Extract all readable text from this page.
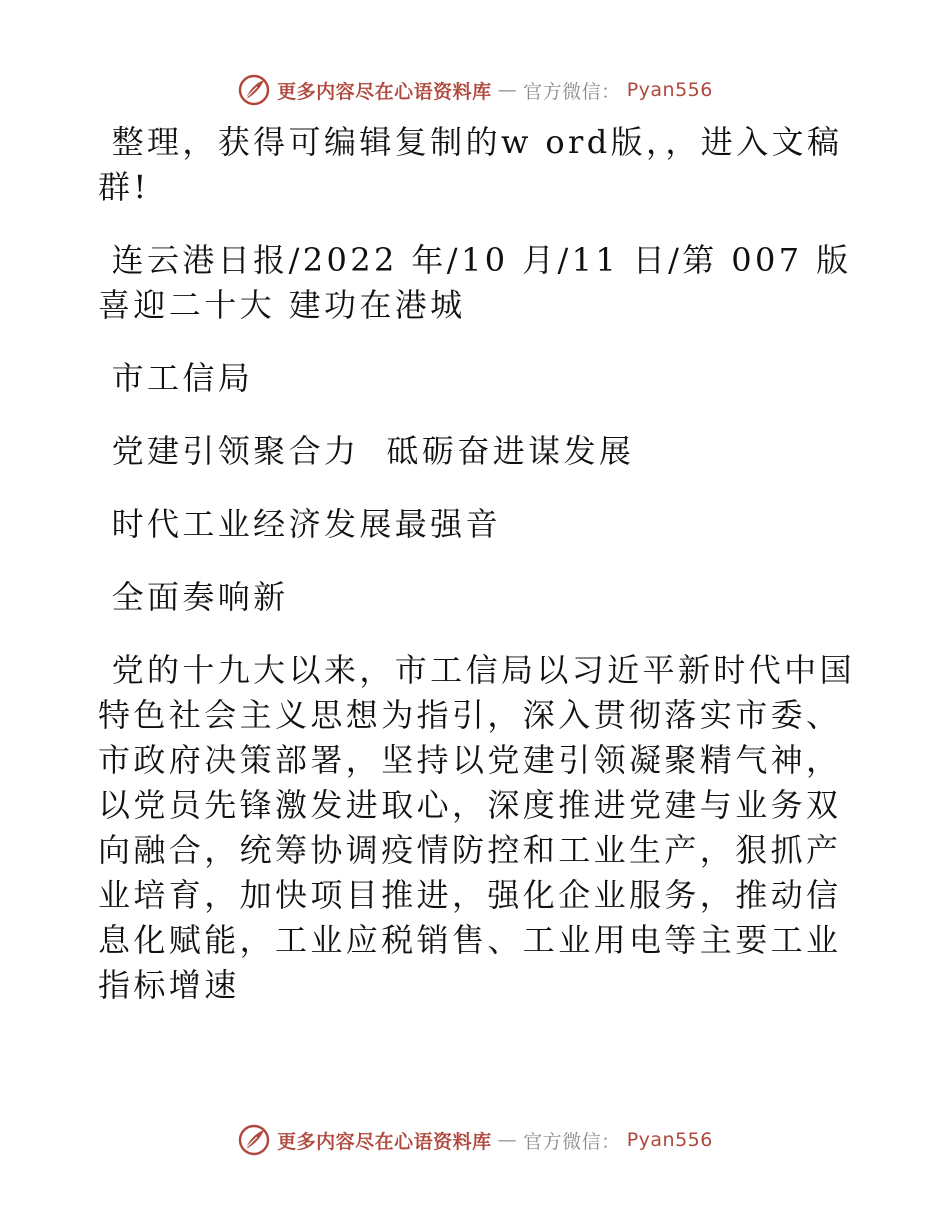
更多内容尽在心语资料库 — 官方微信： Pyan556

整理，获得可编辑复制的w ord版，，进入文稿群!

连云港日报/2022 年/10 月/11 日/第 007 版喜迎二十大 建功在港城

市工信局

党建引领聚合力  砥砺奋进谋发展

时代工业经济发展最强音

全面奏响新

党的十九大以来，市工信局以习近平新时代中国特色社会主义思想为指引，深入贯彻落实市委、市政府决策部署，坚持以党建引领凝聚精气神，以党员先锋激发进取心，深度推进党建与业务双向融合，统筹协调疫情防控和工业生产，狠抓产业培育，加快项目推进，强化企业服务，推动信息化赋能，工业应税销售、工业用电等主要工业指标增速

更多内容尽在心语资料库 — 官方微信： Pyan556
